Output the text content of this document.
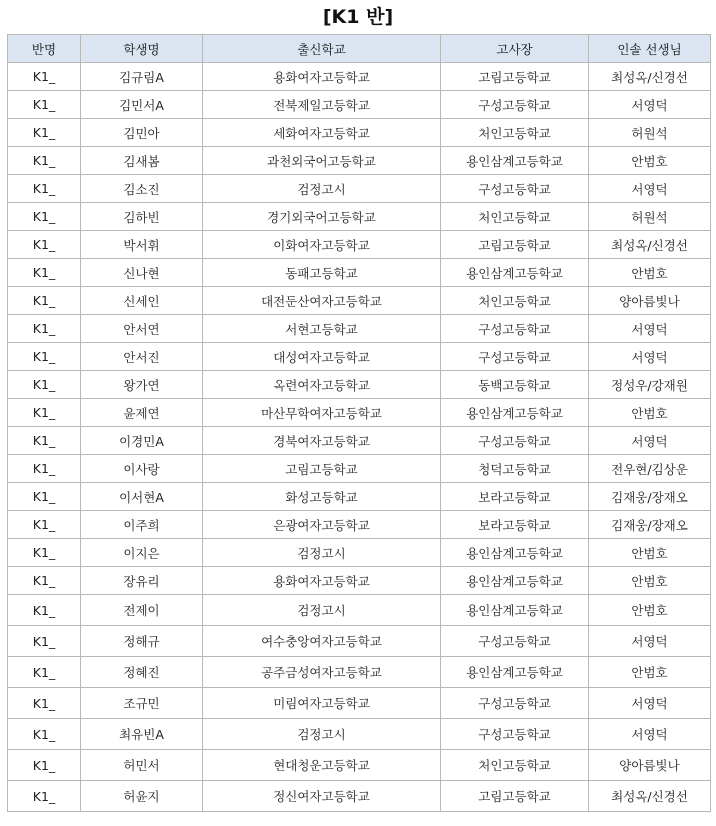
[K1 반]
반명	학생명	출신학교	고사장	인솔 선생님
K1_	김규림A	용화여자고등학교	고림고등학교	최성옥/신경선
K1_	김민서A	전북제일고등학교	구성고등학교	서영덕
K1_	김민아	세화여자고등학교	처인고등학교	허원석
K1_	김새봄	과천외국어고등학교	용인삼계고등학교	안범호
K1_	김소진	검정고시	구성고등학교	서영덕
K1_	김하빈	경기외국어고등학교	처인고등학교	허원석
K1_	박서휘	이화여자고등학교	고림고등학교	최성옥/신경선
K1_	신나현	동패고등학교	용인삼계고등학교	안범호
K1_	신세인	대전둔산여자고등학교	처인고등학교	양아름빛나
K1_	안서연	서현고등학교	구성고등학교	서영덕
K1_	안서진	대성여자고등학교	구성고등학교	서영덕
K1_	왕가연	옥련여자고등학교	동백고등학교	정성우/강재원
K1_	윤제연	마산무학여자고등학교	용인삼계고등학교	안범호
K1_	이경민A	경북여자고등학교	구성고등학교	서영덕
K1_	이사랑	고림고등학교	청덕고등학교	전우현/김상운
K1_	이서현A	화성고등학교	보라고등학교	김재웅/장재오
K1_	이주희	은광여자고등학교	보라고등학교	김재웅/장재오
K1_	이지은	검정고시	용인삼계고등학교	안범호
K1_	장유리	용화여자고등학교	용인삼계고등학교	안범호
K1_	전제이	검정고시	용인삼계고등학교	안범호
K1_	정해규	여수충앙여자고등학교	구성고등학교	서영덕
K1_	정혜진	공주금성여자고등학교	용인삼계고등학교	안범호
K1_	조규민	미림여자고등학교	구성고등학교	서영덕
K1_	최유빈A	검정고시	구성고등학교	서영덕
K1_	허민서	현대청운고등학교	처인고등학교	양아름빛나
K1_	허윤지	정신여자고등학교	고림고등학교	최성옥/신경선
